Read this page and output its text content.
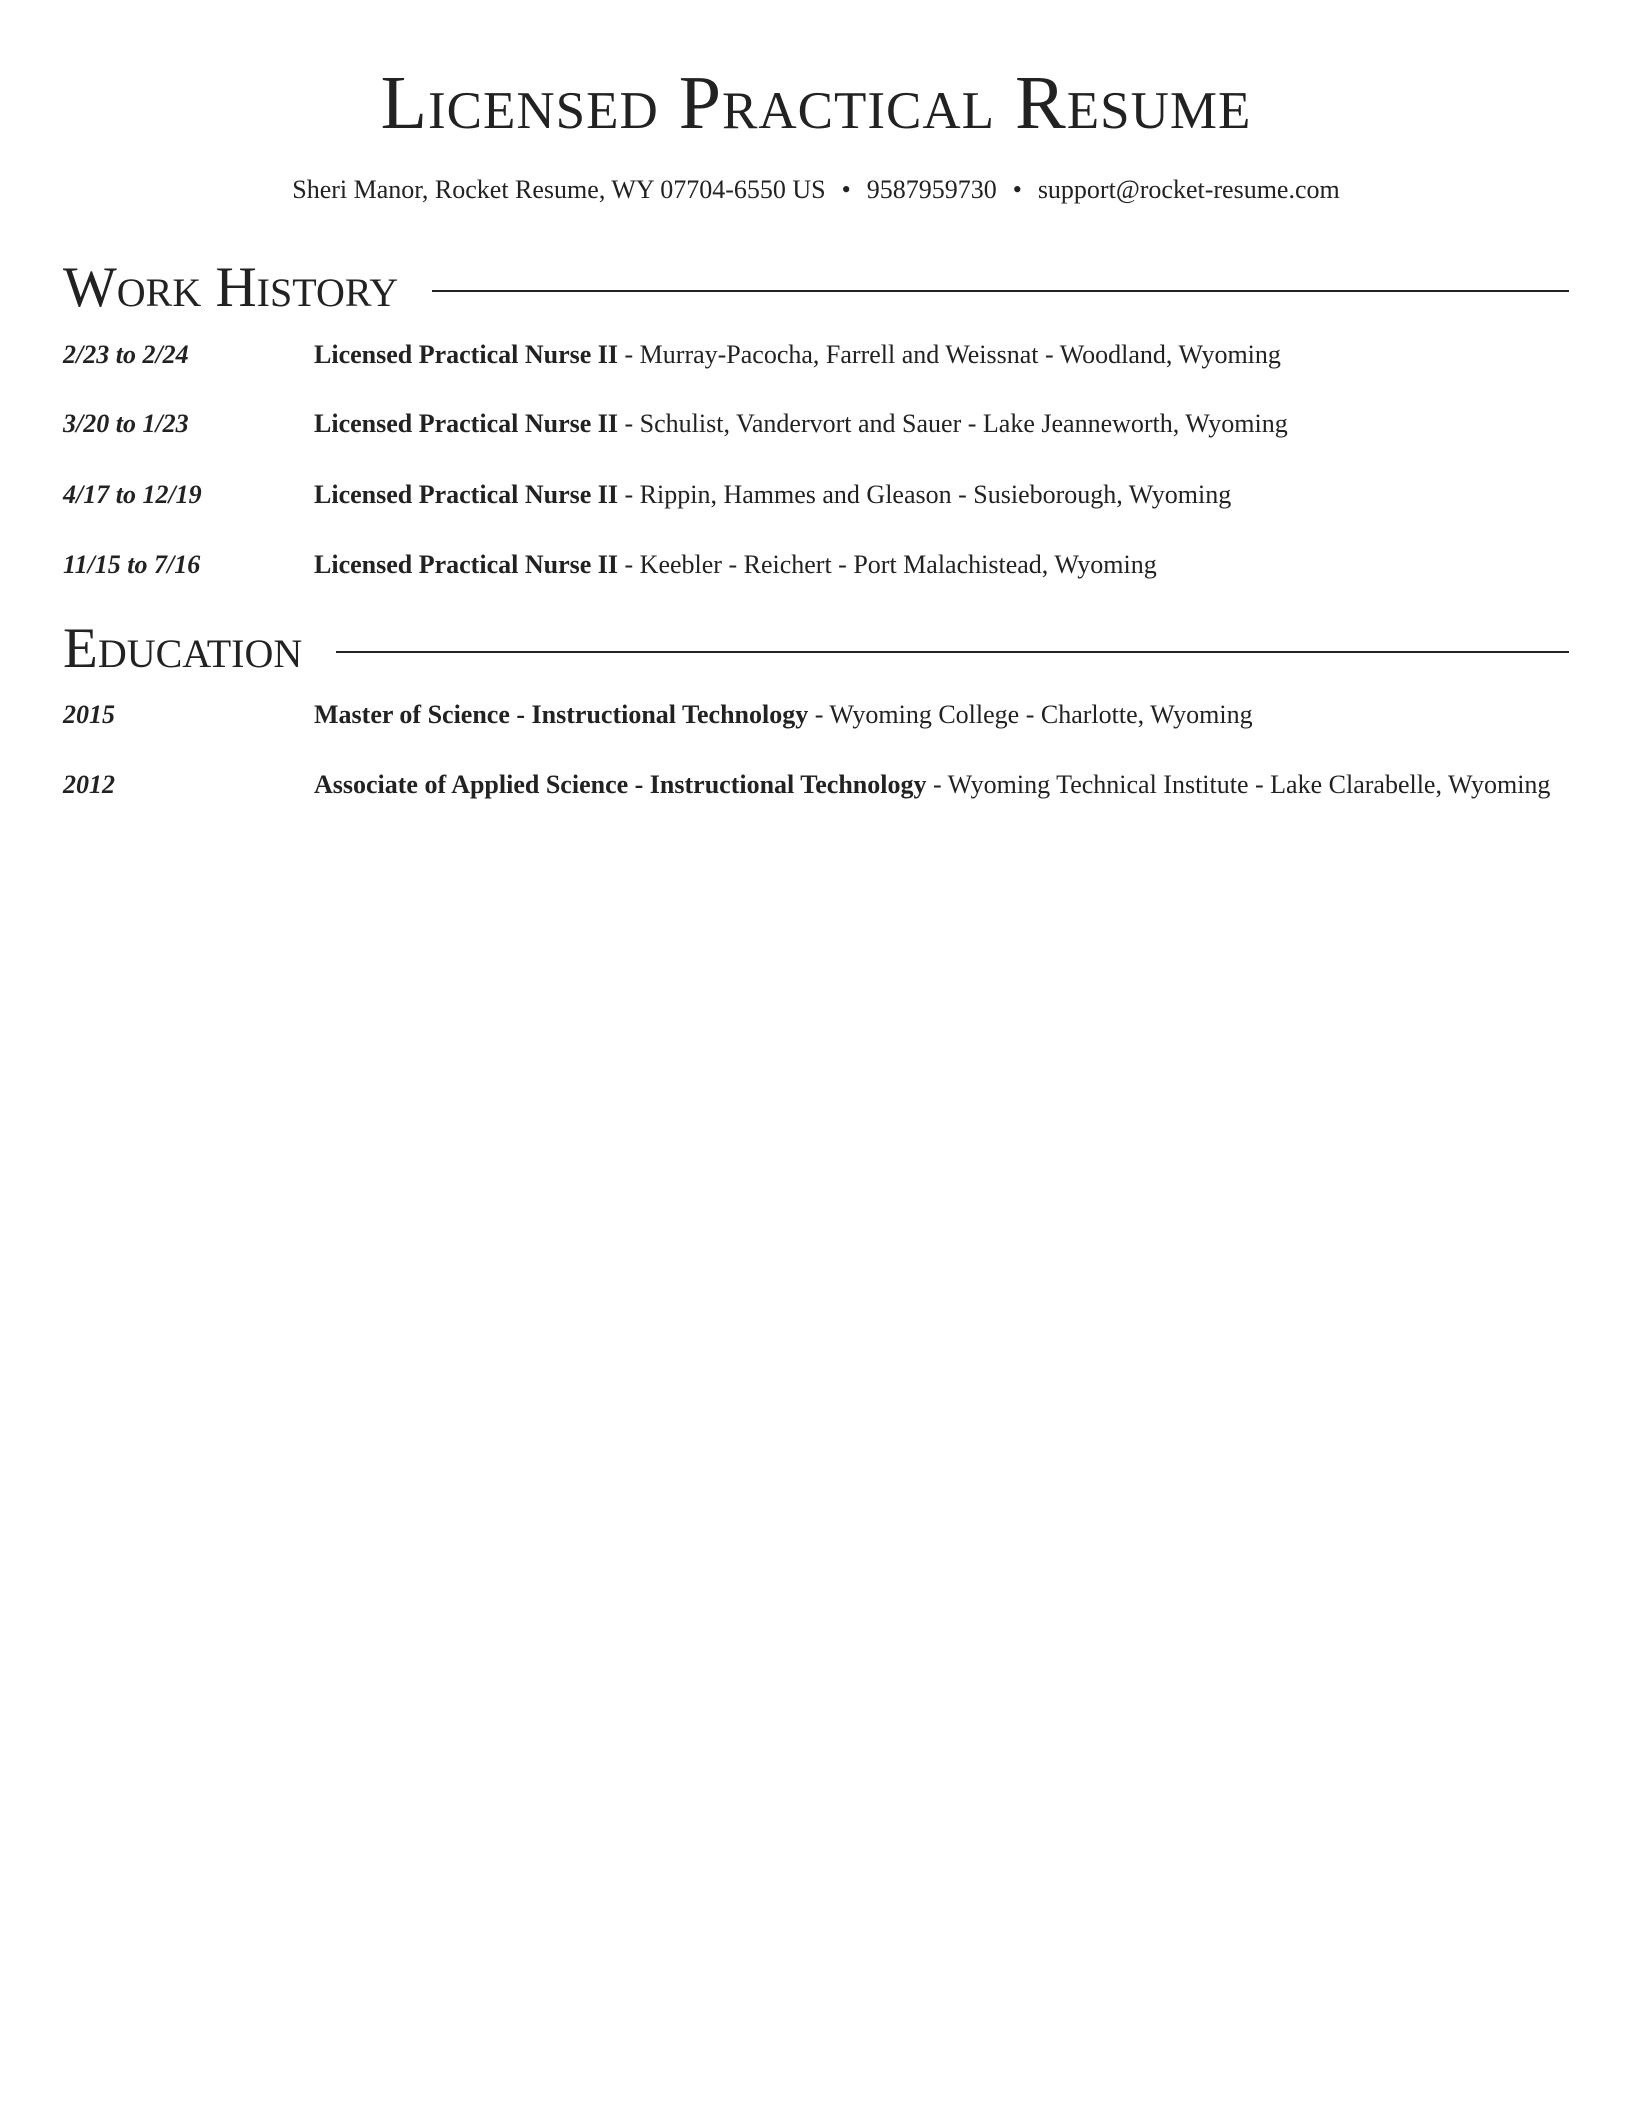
Licensed Practical Resume
Sheri Manor, Rocket Resume, WY 07704-6550 US • 9587959730 • support@rocket-resume.com
Work History
2/23 to 2/24	Licensed Practical Nurse II - Murray-Pacocha, Farrell and Weissnat - Woodland, Wyoming
3/20 to 1/23	Licensed Practical Nurse II - Schulist, Vandervort and Sauer - Lake Jeanneworth, Wyoming
4/17 to 12/19	Licensed Practical Nurse II - Rippin, Hammes and Gleason - Susieborough, Wyoming
11/15 to 7/16	Licensed Practical Nurse II - Keebler - Reichert - Port Malachistead, Wyoming
Education
2015	Master of Science - Instructional Technology - Wyoming College - Charlotte, Wyoming
2012	Associate of Applied Science - Instructional Technology - Wyoming Technical Institute - Lake Clarabelle, Wyoming
